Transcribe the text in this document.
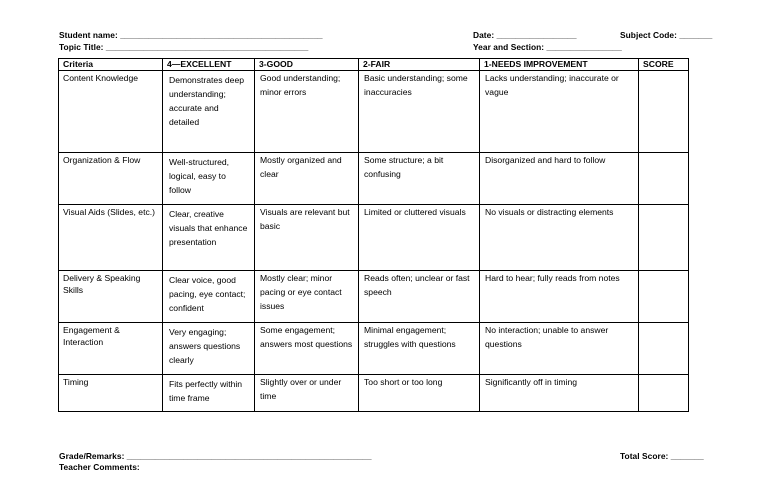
Student name: ___________________________________________	Date: _________________	Subject Code: _______
Topic Title: ___________________________________________	Year and Section: ________________
Criteria	4—EXCELLENT	3-GOOD	2-FAIR	1-NEEDS IMPROVEMENT	SCORE
Content Knowledge	Demonstrates deep understanding; accurate and detailed	Good understanding; minor errors	Basic understanding; some inaccuracies	Lacks understanding; inaccurate or vague	
Organization & Flow	Well-structured, logical, easy to follow	Mostly organized and clear	Some structure; a bit confusing	Disorganized and hard to follow	
Visual Aids (Slides, etc.)	Clear, creative visuals that enhance presentation	Visuals are relevant but basic	Limited or cluttered visuals	No visuals or distracting elements	
Delivery & Speaking Skills	Clear voice, good pacing, eye contact; confident	Mostly clear; minor pacing or eye contact issues	Reads often; unclear or fast speech	Hard to hear; fully reads from notes	
Engagement & Interaction	Very engaging; answers questions clearly	Some engagement; answers most questions	Minimal engagement; struggles with questions	No interaction; unable to answer questions	
Timing	Fits perfectly within time frame	Slightly over or under time	Too short or too long	Significantly off in timing	
Grade/Remarks: ____________________________________________________	Total Score: _______
Teacher Comments:
